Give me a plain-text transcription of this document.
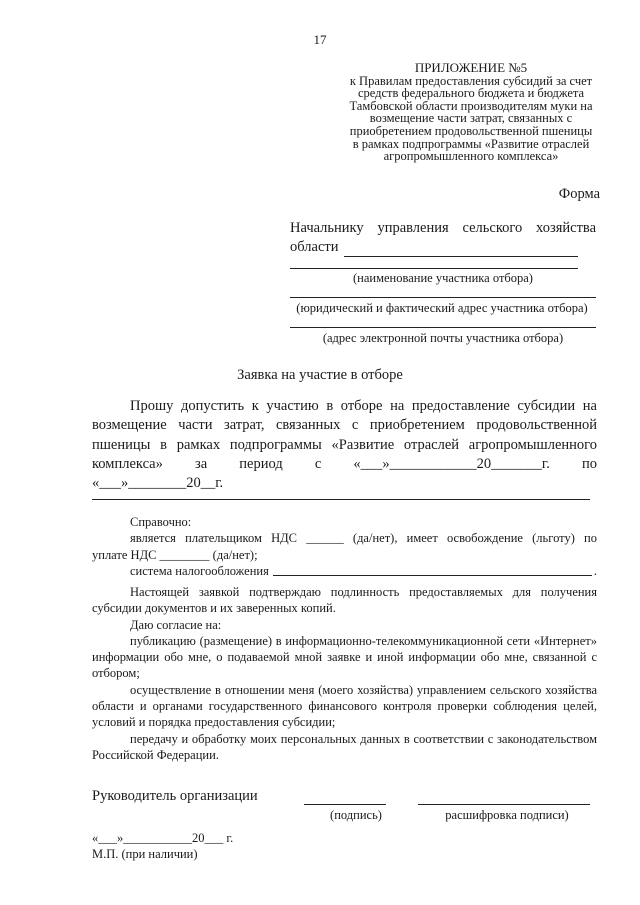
17
ПРИЛОЖЕНИЕ №5
к Правилам предоставления субсидий за счет
средств федерального бюджета и бюджета
Тамбовской области производителям муки на
возмещение части затрат, связанных с
приобретением продовольственной пшеницы
в рамках подпрограммы «Развитие отраслей
агропромышленного комплекса»
Форма
Начальнику управления сельского хозяйства
области
(наименование участника отбора)
(юридический и фактический адрес участника отбора)
(адрес электронной почты участника отбора)
Заявка на участие в отборе
Прошу допустить к участию в отборе на предоставление субсидии на
возмещение части затрат, связанных с приобретением продовольственной
пшеницы в рамках подпрограммы «Развитие отраслей агропромышленного
комплекса» за период с «___»____________20_______г. по
«___»________20__г.
Справочно:
является плательщиком НДС ______ (да/нет), имеет освобождение (льготу) по
уплате НДС ________ (да/нет);
система налогообложения	.
Настоящей заявкой подтверждаю подлинность предоставляемых для получения субсидии документов и их заверенных копий.
Даю согласие на:
публикацию (размещение) в информационно-телекоммуникационной сети «Интернет» информации обо мне, о подаваемой мной заявке и иной информации обо мне, связанной с отбором;
осуществление в отношении меня (моего хозяйства) управлением сельского хозяйства области и органами государственного финансового контроля проверки соблюдения целей, условий и порядка предоставления субсидии;
передачу и обработку моих персональных данных в соответствии с законодательством Российской Федерации.
Руководитель организации
(подпись)	расшифровка подписи)
«___»___________20___ г.
М.П. (при наличии)
